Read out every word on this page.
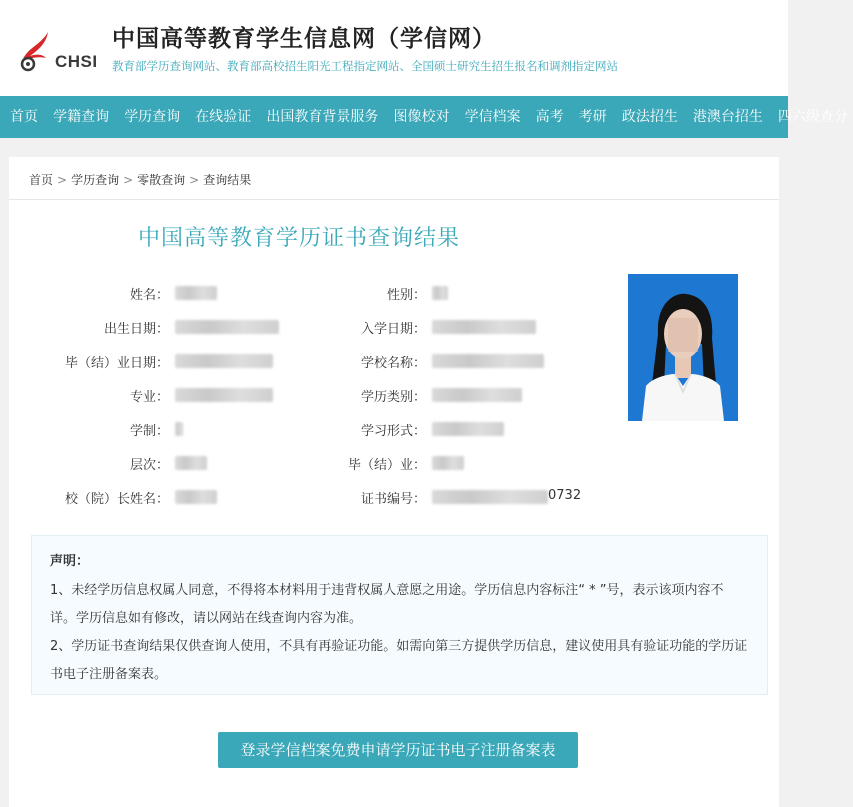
CHSI
中国高等教育学生信息网（学信网）
教育部学历查询网站、教育部高校招生阳光工程指定网站、全国硕士研究生招生报名和调剂指定网站
首页 学籍查询 学历查询 在线验证 出国教育背景服务 图像校对 学信档案 高考 考研 政法招生 港澳台招生 四六级查分
首页 > 学历查询 > 零散查询 > 查询结果
中国高等教育学历证书查询结果
姓名：
出生日期：
毕（结）业日期：
专业：
学制：
层次：
校（院）长姓名：
性别：
入学日期：
学校名称：
学历类别：
学习形式：
毕（结）业：
证书编号：	0732
声明：
1、未经学历信息权属人同意，不得将本材料用于违背权属人意愿之用途。学历信息内容标注“ * ”号，表示该项内容不详。学历信息如有修改，请以网站在线查询内容为准。
2、学历证书查询结果仅供查询人使用，不具有再验证功能。如需向第三方提供学历信息，建议使用具有验证功能的学历证书电子注册备案表。
登录学信档案免费申请学历证书电子注册备案表
